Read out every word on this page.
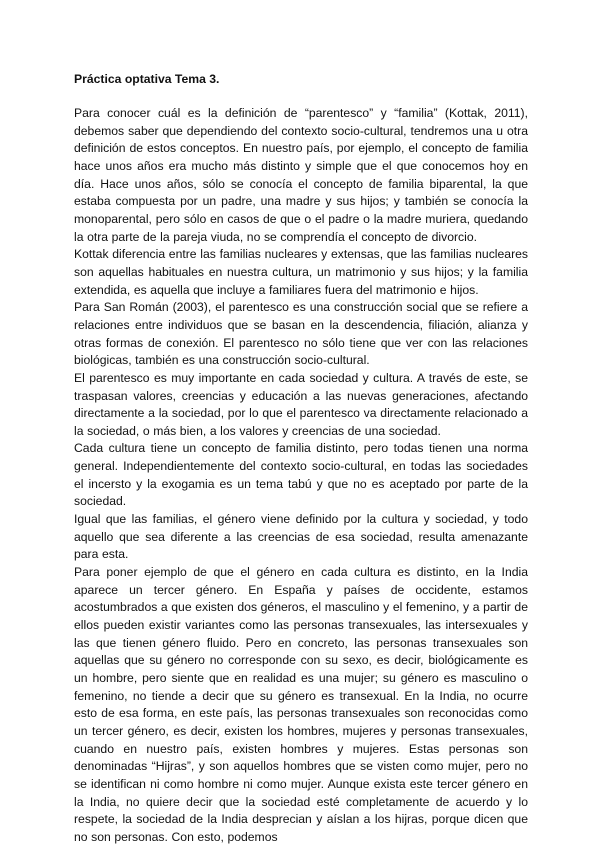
Práctica optativa Tema 3.

Para conocer cuál es la definición de “parentesco” y “familia” (Kottak, 2011), debemos saber que dependiendo del contexto socio-cultural, tendremos una u otra definición de estos conceptos. En nuestro país, por ejemplo, el concepto de familia hace unos años era mucho más distinto y simple que el que conocemos hoy en día. Hace unos años, sólo se conocía el concepto de familia biparental, la que estaba compuesta por un padre, una madre y sus hijos; y también se conocía la monoparental, pero sólo en casos de que o el padre o la madre muriera, quedando la otra parte de la pareja viuda, no se comprendía el concepto de divorcio.

Kottak diferencia entre las familias nucleares y extensas, que las familias nucleares son aquellas habituales en nuestra cultura, un matrimonio y sus hijos; y la familia extendida, es aquella que incluye a familiares fuera del matrimonio e hijos.

Para San Román (2003), el parentesco es una construcción social que se refiere a relaciones entre individuos que se basan en la descendencia, filiación, alianza y otras formas de conexión. El parentesco no sólo tiene que ver con las relaciones biológicas, también es una construcción socio-cultural.

El parentesco es muy importante en cada sociedad y cultura. A través de este, se traspasan valores, creencias y educación a las nuevas generaciones, afectando directamente a la sociedad, por lo que el parentesco va directamente relacionado a la sociedad, o más bien, a los valores y creencias de una sociedad.

Cada cultura tiene un concepto de familia distinto, pero todas tienen una norma general. Independientemente del contexto socio-cultural, en todas las sociedades el incersto y la exogamia es un tema tabú y que no es aceptado por parte de la sociedad.

Igual que las familias, el género viene definido por la cultura y sociedad, y todo aquello que sea diferente a las creencias de esa sociedad, resulta amenazante para esta.

Para poner ejemplo de que el género en cada cultura es distinto, en la India aparece un tercer género. En España y países de occidente, estamos acostumbrados a que existen dos géneros, el masculino y el femenino, y a partir de ellos pueden existir variantes como las personas transexuales, las intersexuales y las que tienen género fluido. Pero en concreto, las personas transexuales son aquellas que su género no corresponde con su sexo, es decir, biológicamente es un hombre, pero siente que en realidad es una mujer; su género es masculino o femenino, no tiende a decir que su género es transexual. En la India, no ocurre esto de esa forma, en este país, las personas transexuales son reconocidas como un tercer género, es decir, existen los hombres, mujeres y personas transexuales, cuando en nuestro país, existen hombres y mujeres. Estas personas son denominadas “Hijras”, y son aquellos hombres que se visten como mujer, pero no se identifican ni como hombre ni como mujer. Aunque exista este tercer género en la India, no quiere decir que la sociedad esté completamente de acuerdo y lo respete, la sociedad de la India desprecian y aíslan a los hijras, porque dicen que no son personas. Con esto, podemos
